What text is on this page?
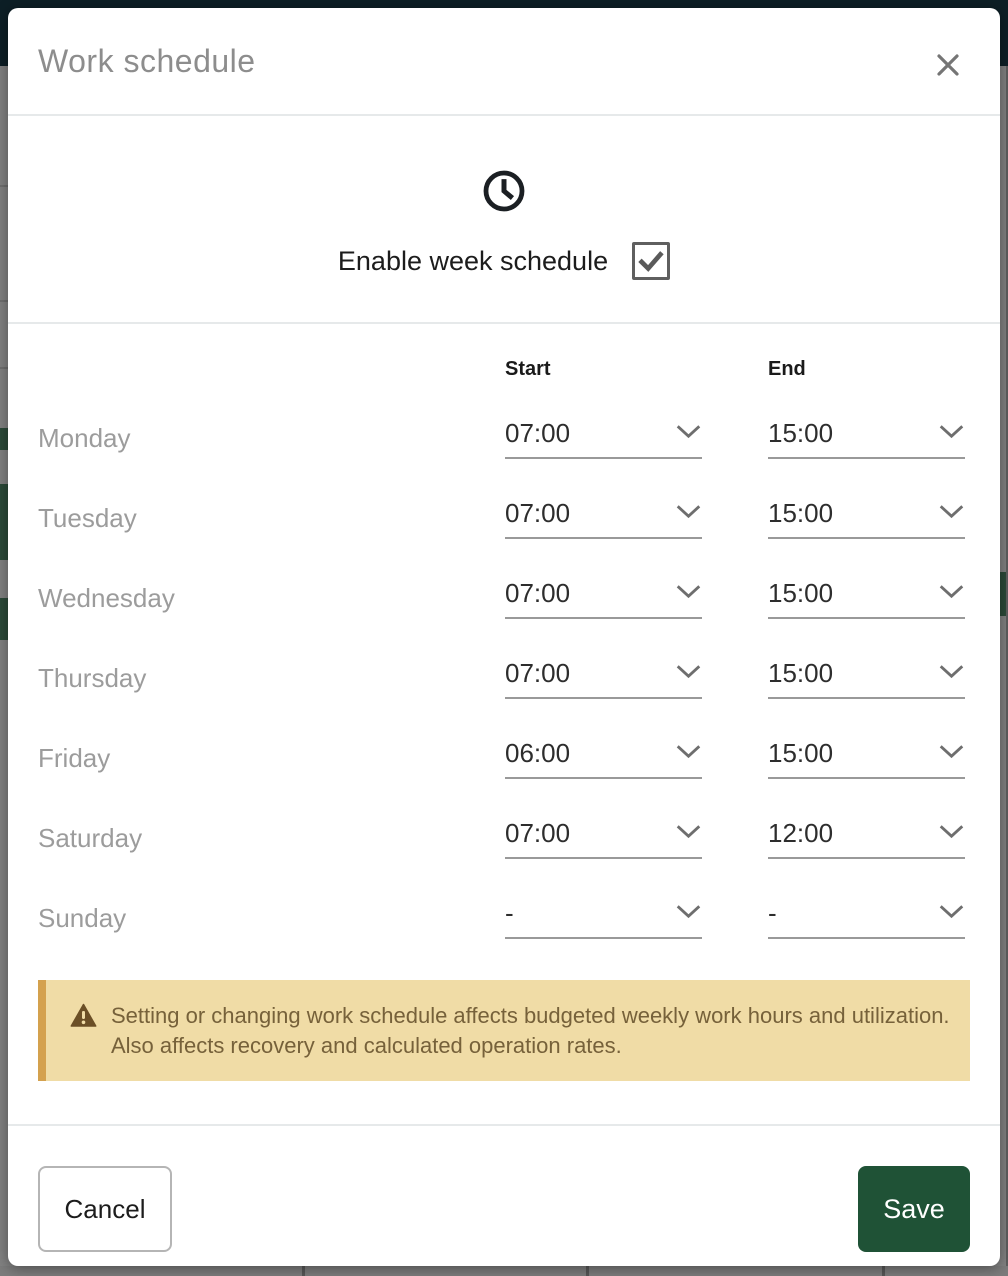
Work schedule
Enable week schedule
Start	End
Monday	07:00	15:00
Tuesday	07:00	15:00
Wednesday	07:00	15:00
Thursday	07:00	15:00
Friday	06:00	15:00
Saturday	07:00	12:00
Sunday	-	-
Setting or changing work schedule affects budgeted weekly work hours and utilization. Also affects recovery and calculated operation rates.
Cancel	Save
